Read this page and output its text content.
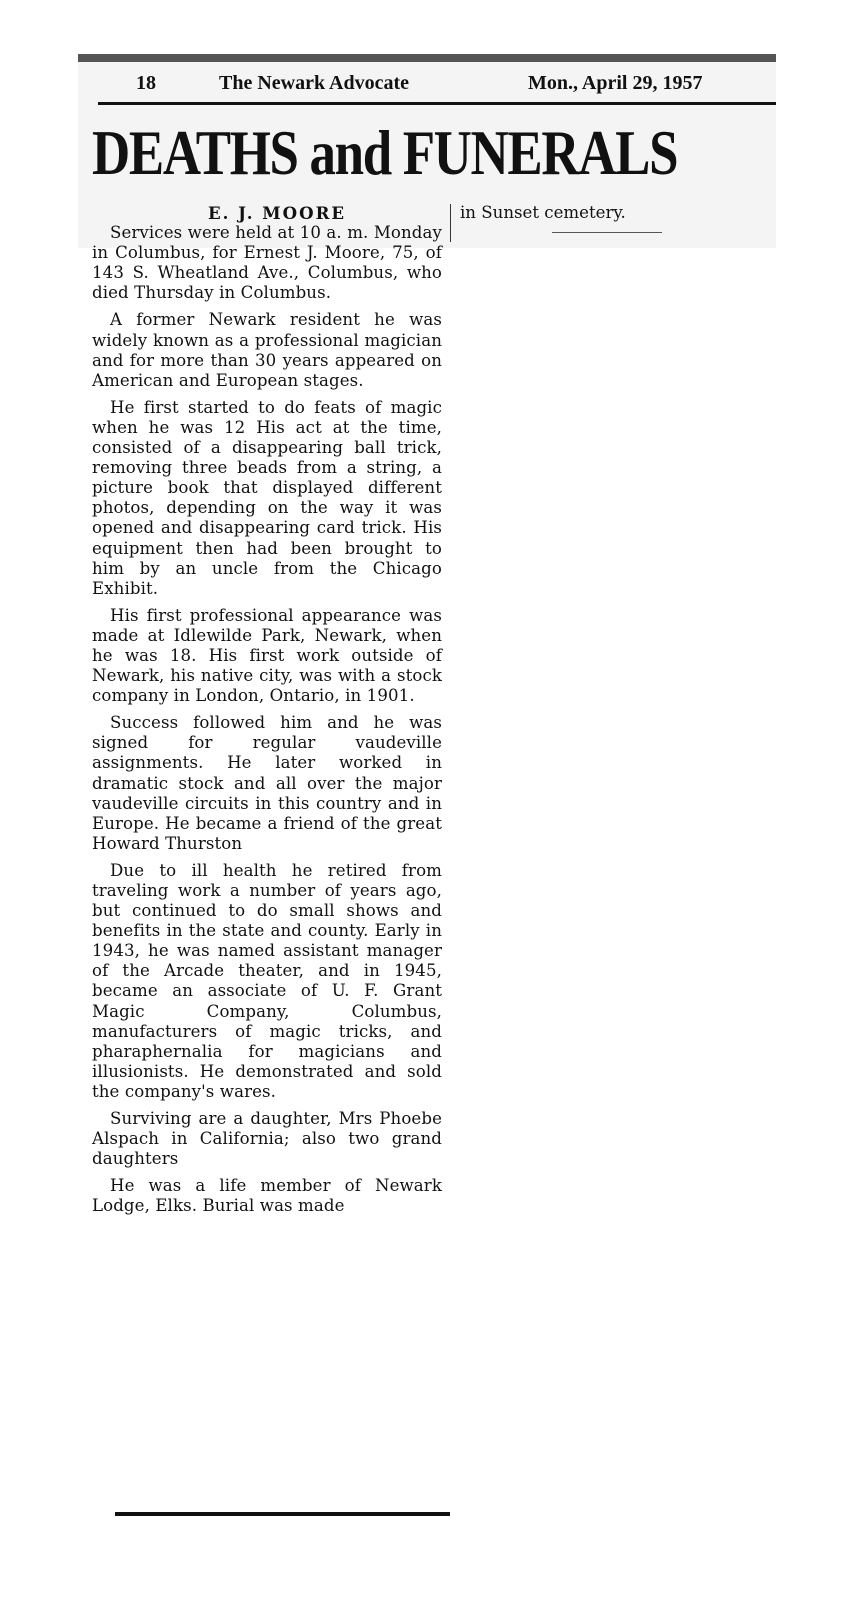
18	The Newark Advocate	Mon., April 29, 1957
DEATHS and FUNERALS
E. J. MOORE

Services were held at 10 a. m. Monday in Columbus, for Ernest J. Moore, 75, of 143 S. Wheatland Ave., Columbus, who died Thursday in Columbus.

A former Newark resident he was widely known as a professional magician and for more than 30 years appeared on American and European stages.

He first started to do feats of magic when he was 12 His act at the time, consisted of a disappearing ball trick, removing three beads from a string, a picture book that displayed different photos, depending on the way it was opened and disappearing card trick. His equipment then had been brought to him by an uncle from the Chicago Exhibit.

His first professional appearance was made at Idlewilde Park, Newark, when he was 18. His first work outside of Newark, his native city, was with a stock company in London, Ontario, in 1901.

Success followed him and he was signed for regular vaudeville assignments. He later worked in dramatic stock and all over the major vaudeville circuits in this country and in Europe. He became a friend of the great Howard Thurston

Due to ill health he retired from traveling work a number of years ago, but continued to do small shows and benefits in the state and county. Early in 1943, he was named assistant manager of the Arcade theater, and in 1945, became an associate of U. F. Grant Magic Company, Columbus, manufacturers of magic tricks, and pharaphernalia for magicians and illusionists. He demonstrated and sold the company's wares.

Surviving are a daughter, Mrs Phoebe Alspach in California; also two grand daughters

He was a life member of Newark Lodge, Elks. Burial was made

in Sunset cemetery.
